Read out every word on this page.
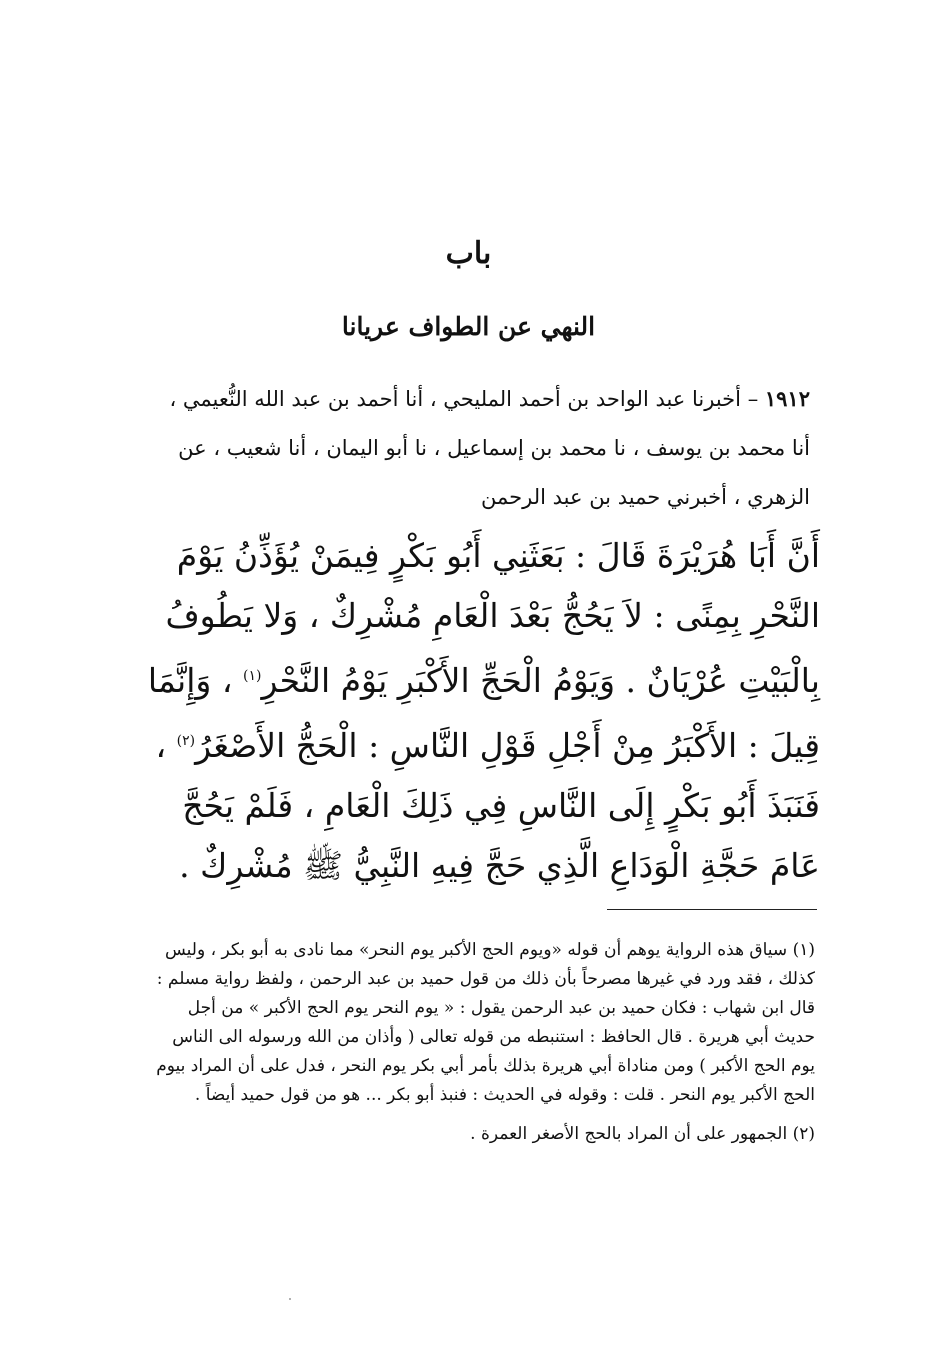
باب
النهي عن الطواف عريانا
١٩١٢ – أخبرنا عبد الواحد بن أحمد المليحي ، أنا أحمد بن عبد الله النُّعيمي ، أنا محمد بن يوسف ، نا محمد بن إسماعيل ، نا أبو اليمان ، أنا شعيب ، عن الزهري ، أخبرني حميد بن عبد الرحمن
أَنَّ أَبَا هُرَيْرَةَ قَالَ : بَعَثَنِي أَبُو بَكْرٍ فِيمَنْ يُؤَذِّنُ يَوْمَ النَّحْرِ بِمِنًى : لاَ يَحُجُّ بَعْدَ الْعَامِ مُشْرِكٌ ، وَلا يَطُوفُ بِالْبَيْتِ عُرْيَانٌ . وَيَوْمُ الْحَجِّ الأَكْبَرِ يَوْمُ النَّحْرِ$^{(١)}$ ، وَإِنَّمَا قِيلَ : الأَكْبَرُ مِنْ أَجْلِ قَوْلِ النَّاسِ : الْحَجُّ الأَصْغَرُ$^{(٢)}$ ، فَنَبَذَ أَبُو بَكْرٍ إِلَى النَّاسِ فِي ذَلِكَ الْعَامِ ، فَلَمْ يَحُجَّ عَامَ حَجَّةِ الْوَدَاعِ الَّذِي حَجَّ فِيهِ النَّبِيُّ ﷺ مُشْرِكٌ .

(١) سياق هذه الرواية يوهم أن قوله «ويوم الحج الأكبر يوم النحر» مما نادى به أبو بكر ، وليس كذلك ، فقد ورد في غيرها مصرحاً بأن ذلك من قول حميد بن عبد الرحمن ، ولفظ رواية مسلم : قال ابن شهاب : فكان حميد بن عبد الرحمن يقول : « يوم النحر يوم الحج الأكبر » من أجل حديث أبي هريرة . قال الحافظ : استنبطه من قوله تعالى ( وأذان من الله ورسوله الى الناس يوم الحج الأكبر ) ومن مناداة أبي هريرة بذلك بأمر أبي بكر يوم النحر ، فدل على أن المراد بيوم الحج الأكبر يوم النحر . قلت : وقوله في الحديث : فنبذ أبو بكر ... هو من قول حميد أيضاً .

(٢) الجمهور على أن المراد بالحج الأصغر العمرة .
